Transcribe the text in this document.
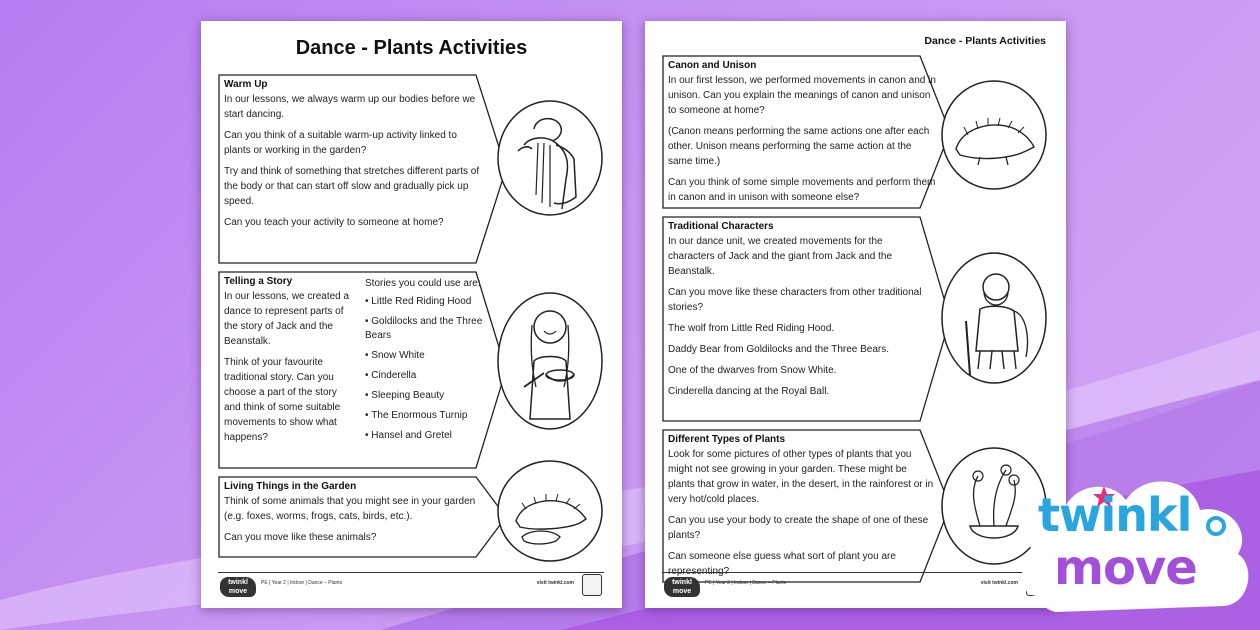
Dance - Plants Activities
Warm Up

In our lessons, we always warm up our bodies before we start dancing.

Can you think of a suitable warm-up activity linked to plants or working in the garden?

Try and think of something that stretches different parts of the body or that can start off slow and gradually pick up speed.

Can you teach your activity to someone at home?

Telling a Story

In our lessons, we created a dance to represent parts of the story of Jack and the Beanstalk.

Think of your favourite traditional story. Can you choose a part of the story and think of some suitable movements to show what happens?

Stories you could use are:

• Little Red Riding Hood
• Goldilocks and the Three Bears
• Snow White
• Cinderella
• Sleeping Beauty
• The Enormous Turnip
• Hansel and Gretel
Living Things in the Garden

Think of some animals that you might see in your garden (e.g. foxes, worms, frogs, cats, birds, etc.).

Can you move like these animals?

twinkl move
PE | Year 2 | Indoor | Dance – Plants	visit twinkl.com
Dance - Plants Activities
Canon and Unison

In our first lesson, we performed movements in canon and in unison. Can you explain the meanings of canon and unison to someone at home?

(Canon means performing the same actions one after each other. Unison means performing the same action at the same time.)

Can you think of some simple movements and perform them in canon and in unison with someone else?

Traditional Characters

In our dance unit, we created movements for the characters of Jack and the giant from Jack and the Beanstalk.

Can you move like these characters from other traditional stories?

The wolf from Little Red Riding Hood.

Daddy Bear from Goldilocks and the Three Bears.

One of the dwarves from Snow White.

Cinderella dancing at the Royal Ball.

Different Types of Plants

Look for some pictures of other types of plants that you might not see growing in your garden. These might be plants that grow in water, in the desert, in the rainforest or in very hot/cold places.

Can you use your body to create the shape of one of these plants?

Can someone else guess what sort of plant you are representing?

twinkl move
PE | Year 2 | Indoor | Dance – Plants	visit twinkl.com
twinkl
move
